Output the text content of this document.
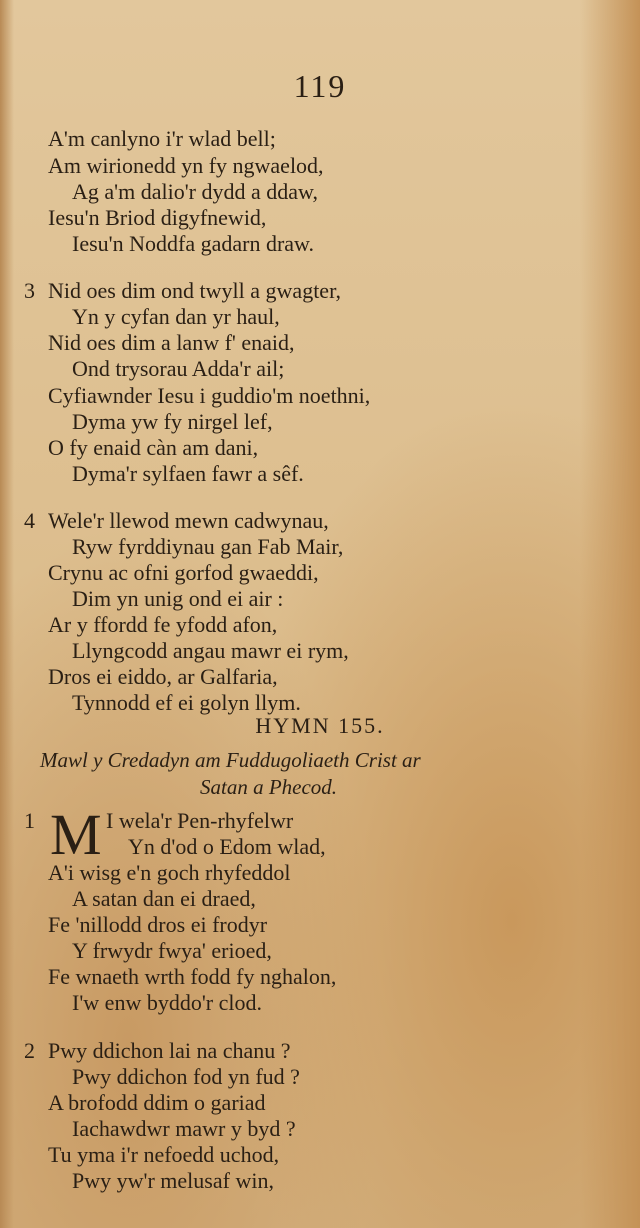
119
A'm canlyno i'r wlad bell;
Am wirionedd yn fy ngwaelod,
Ag a'm dalio'r dydd a ddaw,
Iesu'n Briod digyfnewid,
Iesu'n Noddfa gadarn draw.
3 Nid oes dim ond twyll a gwagter,
Yn y cyfan dan yr haul,
Nid oes dim a lanw f' enaid,
Ond trysorau Adda'r ail;
Cyfiawnder Iesu i guddio'm noethni,
Dyma yw fy nirgel lef,
O fy enaid càn am dani,
Dyma'r sylfaen fawr a sêf.
4 Wele'r llewod mewn cadwynau,
Ryw fyrddiynau gan Fab Mair,
Crynu ac ofni gorfod gwaeddi,
Dim yn unig ond ei air :
Ar y ffordd fe yfodd afon,
Llyngcodd angau mawr ei rym,
Dros ei eiddo, ar Galfaria,
Tynnodd ef ei golyn llym.
HYMN 155.
Mawl y Credadyn am Fuddugoliaeth Crist ar
Satan a Phecod.
1 M I wela'r Pen-rhyfelwr
Yn d'od o Edom wlad,
A'i wisg e'n goch rhyfeddol
A satan dan ei draed,
Fe 'nillodd dros ei frodyr
Y frwydr fwya' erioed,
Fe wnaeth wrth fodd fy nghalon,
I'w enw byddo'r clod.
2 Pwy ddichon lai na chanu ?
Pwy ddichon fod yn fud ?
A brofodd ddim o gariad
Iachawdwr mawr y byd ?
Tu yma i'r nefoedd uchod,
Pwy yw'r melusaf win,
